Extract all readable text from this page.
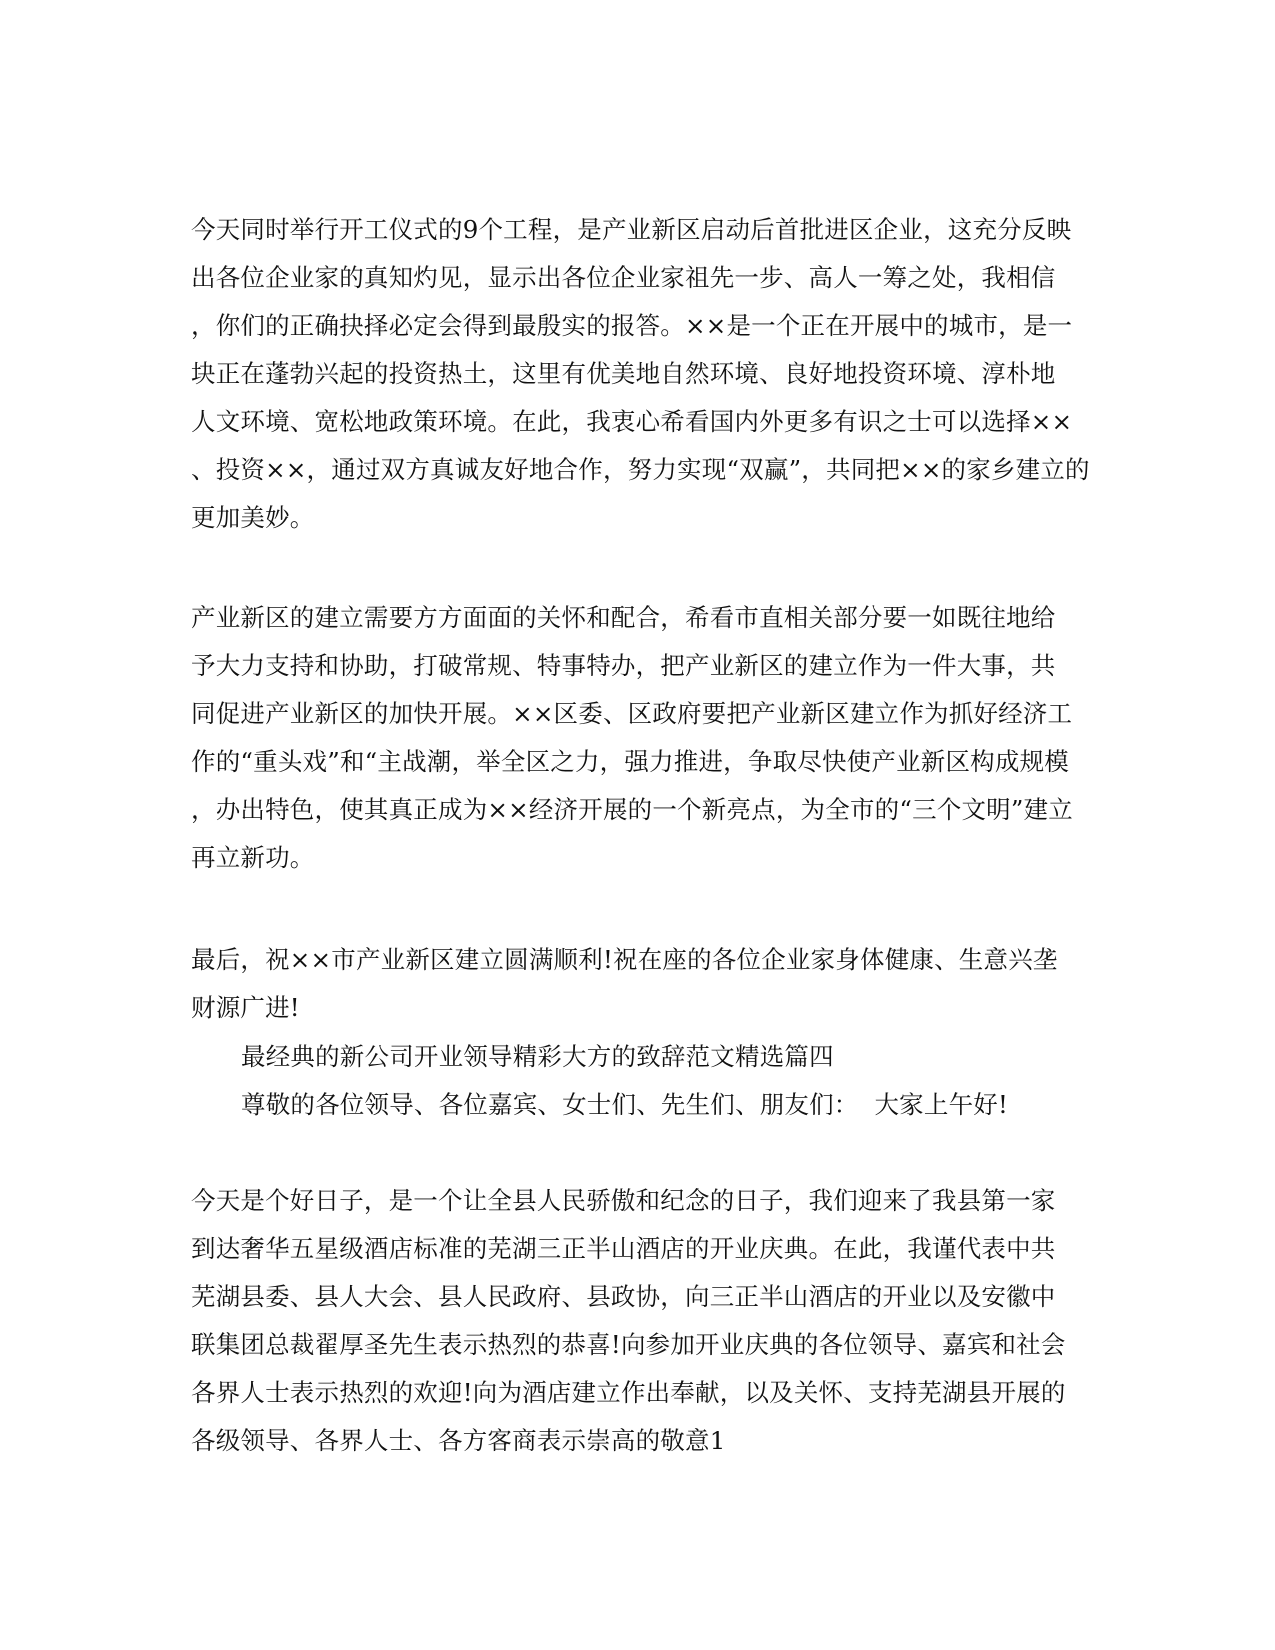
今天同时举行开工仪式的9个工程，是产业新区启动后首批进区企业，这充分反映
出各位企业家的真知灼见，显示出各位企业家祖先一步、高人一筹之处，我相信
，你们的正确抉择必定会得到最殷实的报答。××是一个正在开展中的城市，是一
块正在蓬勃兴起的投资热土，这里有优美地自然环境、良好地投资环境、淳朴地
人文环境、宽松地政策环境。在此，我衷心希看国内外更多有识之士可以选择××
、投资××，通过双方真诚友好地合作，努力实现“双赢”，共同把××的家乡建立的
更加美妙。
产业新区的建立需要方方面面的关怀和配合，希看市直相关部分要一如既往地给
予大力支持和协助，打破常规、特事特办，把产业新区的建立作为一件大事，共
同促进产业新区的加快开展。××区委、区政府要把产业新区建立作为抓好经济工
作的“重头戏”和“主战潮，举全区之力，强力推进，争取尽快使产业新区构成规模
，办出特色，使其真正成为××经济开展的一个新亮点，为全市的“三个文明”建立
再立新功。
最后，祝××市产业新区建立圆满顺利!祝在座的各位企业家身体健康、生意兴垄
财源广进!
最经典的新公司开业领导精彩大方的致辞范文精选篇四
尊敬的各位领导、各位嘉宾、女士们、先生们、朋友们：  大家上午好!
今天是个好日子，是一个让全县人民骄傲和纪念的日子，我们迎来了我县第一家
到达奢华五星级酒店标准的芜湖三正半山酒店的开业庆典。在此，我谨代表中共
芜湖县委、县人大会、县人民政府、县政协，向三正半山酒店的开业以及安徽中
联集团总裁翟厚圣先生表示热烈的恭喜!向参加开业庆典的各位领导、嘉宾和社会
各界人士表示热烈的欢迎!向为酒店建立作出奉献，以及关怀、支持芜湖县开展的
各级领导、各界人士、各方客商表示崇高的敬意1
